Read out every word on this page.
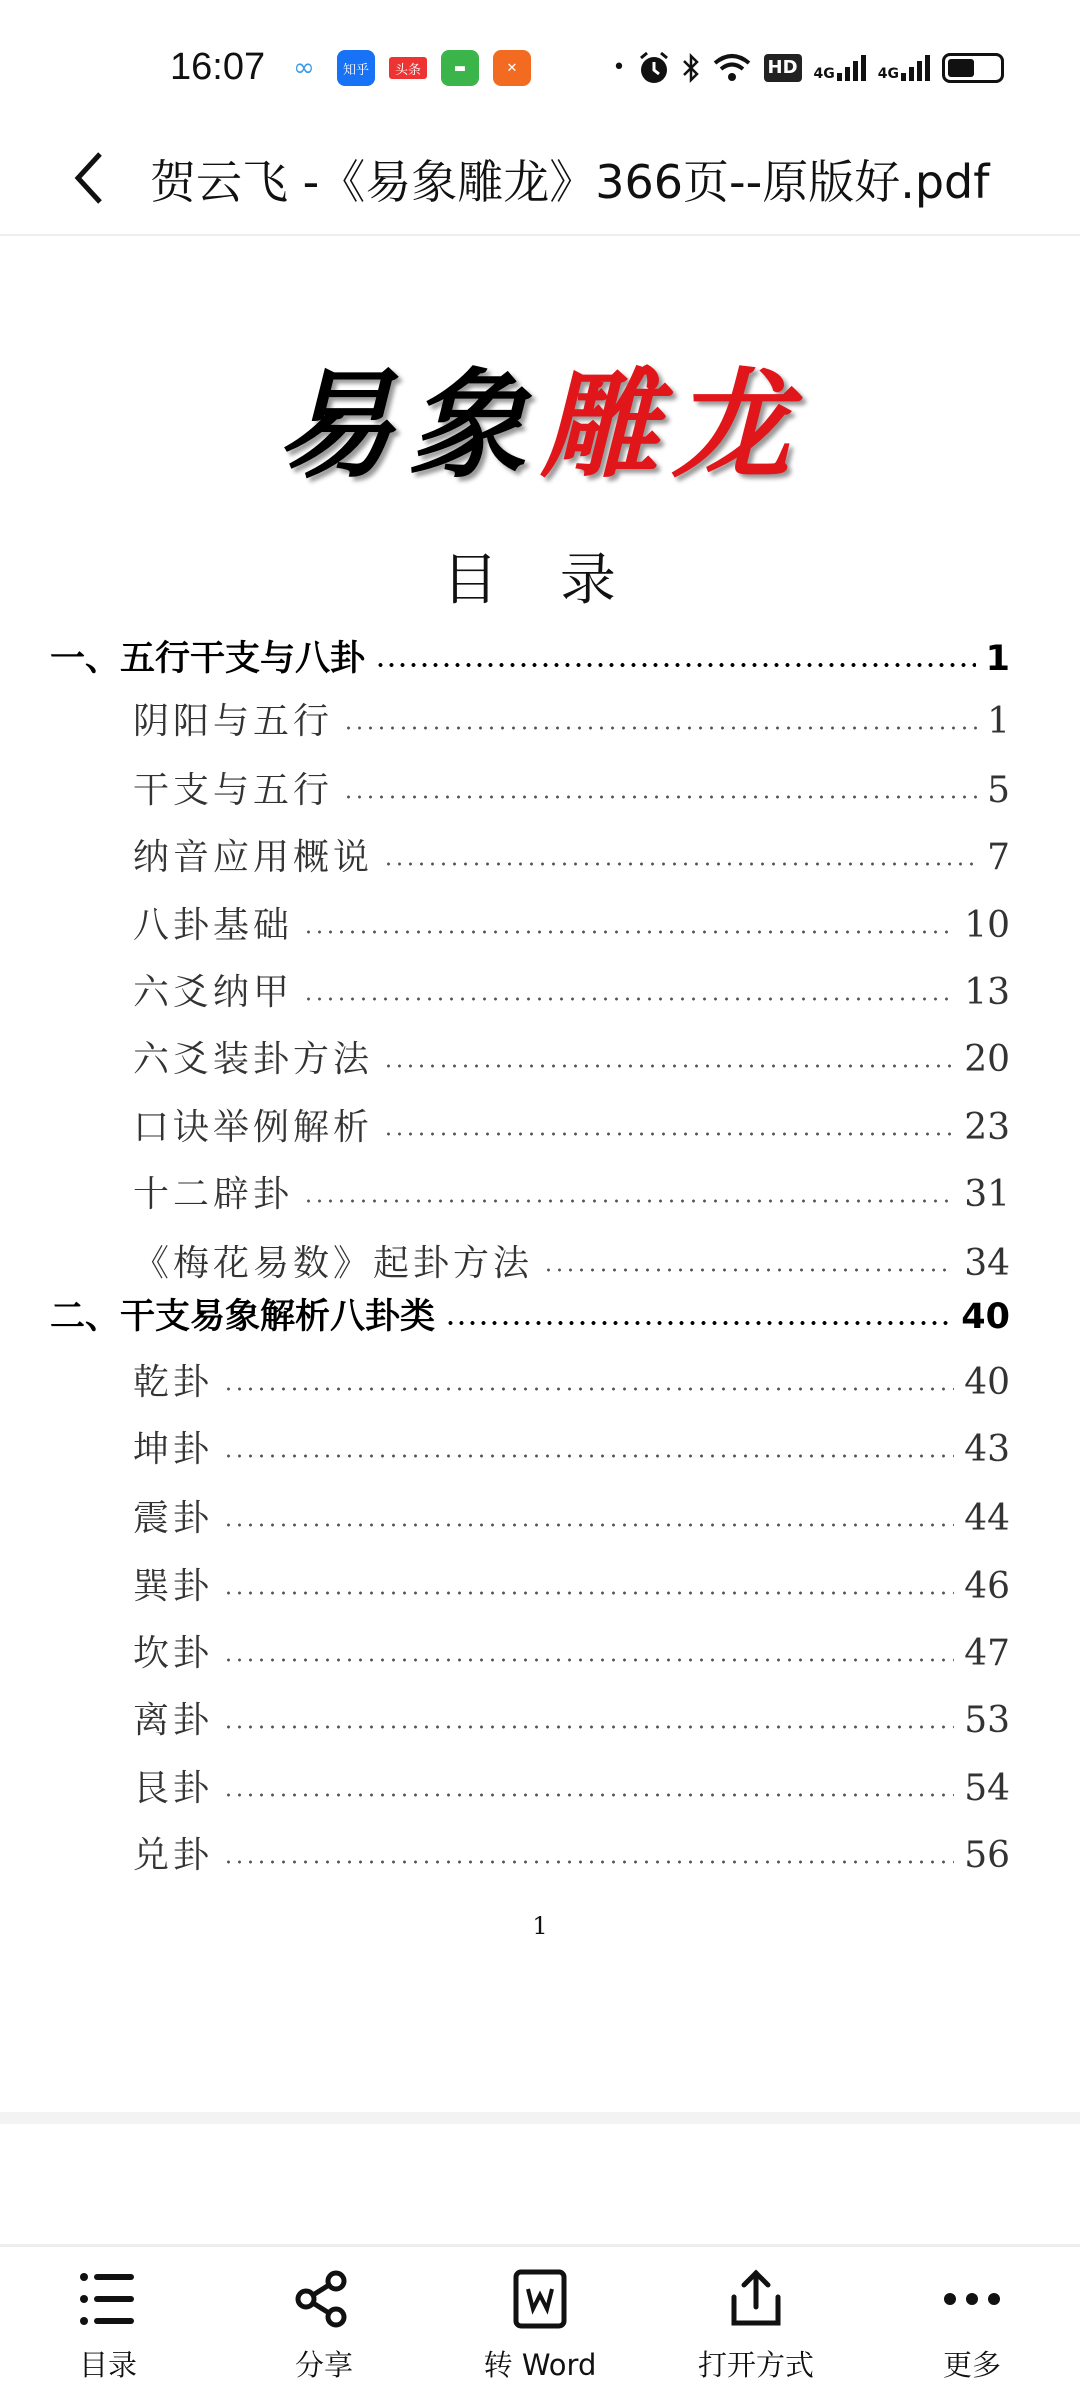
16:07	∞	知乎	头条	▬	✕	•	HD 4G	4G
贺云飞 -《易象雕龙》366页--原版好.pdf
易象雕龙
目 录
一、五行干支与八卦	1
阴阳与五行	1
干支与五行	5
纳音应用概说	7
八卦基础	10
六爻纳甲	13
六爻装卦方法	20
口诀举例解析	23
十二辟卦	31
《梅花易数》起卦方法	34
二、干支易象解析八卦类	40
乾卦	40
坤卦	43
震卦	44
巽卦	46
坎卦	47
离卦	53
艮卦	54
兑卦	56
1
目录	分享	转 Word	打开方式	更多
